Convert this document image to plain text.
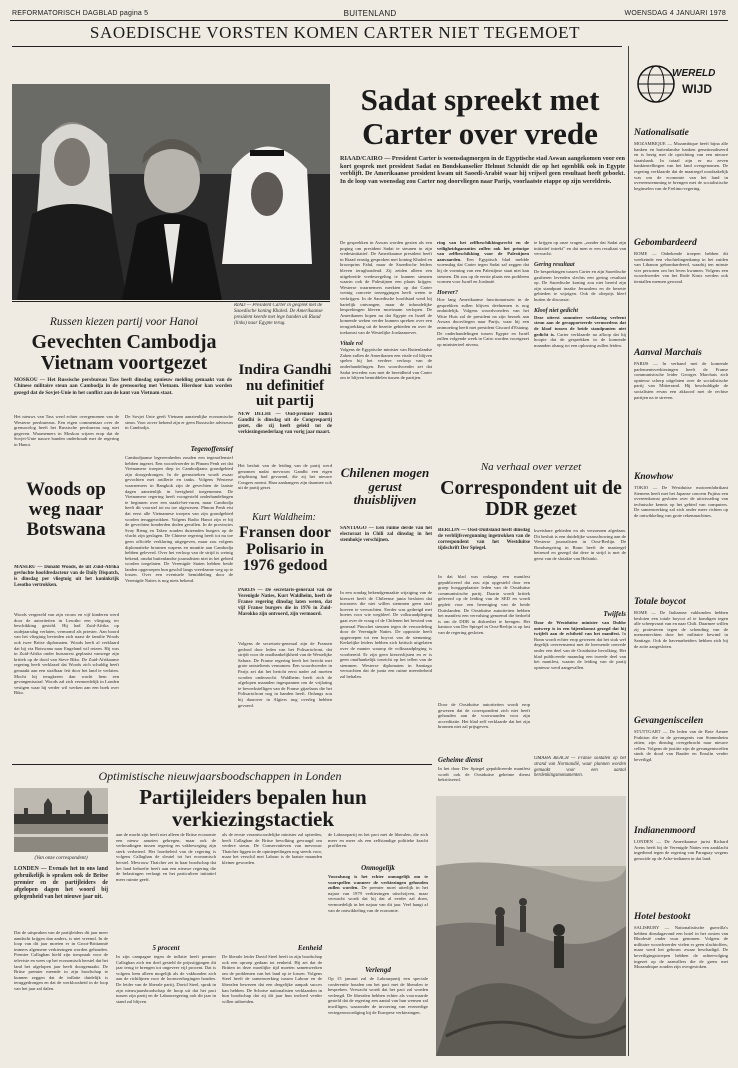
REFORMATORISCH DAGBLAD pagina 5	BUITENLAND	WOENSDAG 4 JANUARI 1978
SAOEDISCHE VORSTEN KOMEN CARTER NIET TEGEMOET
Sadat spreekt met
Carter over vrede
RIAAD/CAIRO — President Carter is woensdagmorgen in de Egyptische stad Aswan aangekomen voor een kort gesprek met president Sadat en Bondskanselier Helmut Schmidt die op het ogenblik ook in Egypte verblijft. De Amerikaanse president kwam uit Saoedi-Arabië waar hij vrijwel geen resultaat heeft geboekt. In de loop van woensdag zou Carter nog doorvliegen naar Parijs, voorlaatste etappe op zijn wereldreis.
De gesprekken in Aswan worden gezien als een poging om president Sadat te steunen in zijn vredesinitiatief. De Amerikaanse president heeft in Riaad ernstig gesproken met koning Khaled en kroonprins Fahd, maar de Saoedische leiders bleven terughoudend. Zij zeiden alleen een uitgebreide vredesregeling te kunnen steunen waarin ook de Palestijnen een plaats krijgen. Westerse waarnemers merkten op dat Carter weinig concrete toezeggingen heeft weten te verkrijgen. In de Saoedische hoofdstad werd hij hartelijk ontvangen, maar de inhoudelijke besprekingen bleven moeizaam verlopen. De Amerikanen hopen nu dat Egypte en Israël de komende weken verder kunnen spreken over een terugtrekking uit de bezette gebieden en over de toekomst van de Westelijke Jordaanoever.

Vitale rol
Volgens de Egyptische minister van Buitenlandse Zaken zullen de Amerikanen een vitale rol blijven spelen bij het verdere verloop van de onderhandelingen. Een woordvoerder zei dat Sadat tevreden was met de bereidheid van Carter om te blijven bemiddelen tussen de partijen.
ring van het zelfbeschikkingsrecht en de veiligheidsgaranties zullen ook het principe van zelfbeschikking voor de Palestijnen aanvaarden. Een Egyptisch blad meldde woensdag dat Carter tegen Sadat zal zeggen dat hij de vorming van een Palestijnse staat niet kan steunen. Dit zou op de eerste plaats een probleem vormen voor Israël en Jordanië.

Hoever?
Hoe lang Amerikaanse functionarissen in de gesprekken zullen blijven deelnemen is nog onduidelijk. Volgens woordvoerders van het Witte Huis zal de president na zijn bezoek aan Aswan doorvliegen naar Parijs, waar hij een ontmoeting heeft met president Giscard d'Estaing. De onderhandelingen tussen Egypte en Israël zullen volgende week in Caïro worden voortgezet op ministerieel niveau.
te krijgen op onze vragen „zonder dat Sadat zijn initiatief intrekt" en dat men er een resultaat van verwacht.

Gering resultaat
De besprekingen tussen Carter en zijn Saoedische gastheren leverden slechts een gering resultaat op. De Saoedische koning zou niet bereid zijn zijn standpunt inzake Jeruzalem en de bezette gebieden te wijzigen. Ook de olieprijs bleef buiten de discussie.

Kloof niet gedicht
Deze uiterst summiere verklaring verleent steun aan de gerapporteerde vermoedens dat de kloof tussen de beide standpunten niet gedicht is. Carter verklaarde na afloop dat hij hoopte dat de gesprekken in de komende maanden alsnog tot een oplossing zullen leiden.
RIAD — President Carter in gesprek met de Saoedische koning Khaled. De Amerikaanse president keerde met lege handen uit Riaad (links) naar Egypte terug.
WERELD
WIJD
Nationalisatie
MOZAMBIQUE — Mozambique heeft bijna alle banken en buitenlandse banken genationaliseerd en is bezig met de oprichting van een nieuwe staatsbank. In totaal zijn er nu zeven bankinstellingen van het land overgenomen. De regering verklaarde dat de maatregel noodzakelijk was om de economie van het land in overeenstemming te brengen met de socialistische beginselen van de Frelimo-regering.
Gebombardeerd
ROME — Onbekende troepen hebben dit weekeinde een vluchtelingenkamp in het zuiden van Libanon gebombardeerd, waarbij ten minste vier personen om het leven kwamen. Volgens een woordvoerder van het Rode Kruis werden ook tientallen mensen gewond.
Aanval Marchais
PARIJS — In verband met de komende parlementsverkiezingen heeft de Franse communistische leider Georges Marchais zich opnieuw scherp uitgelaten over de socialistische partij van Mitterrand. Hij beschuldigde de socialisten ervan een akkoord met de rechtse partijen na te streven.
Knowhow
TOKIO — De Westduitse motorenfabrikant Siemens heeft met het Japanse concern Fujitsu een overeenkomst gesloten over de uitwisseling van technische kennis op het gebied van computers. De samenwerking zal zich onder meer richten op de ontwikkeling van grote rekenmachines.
Totale boycot
ROME — De Italiaanse vakbonden hebben besloten een totale boycot af te kondigen tegen alle scheepvaart van en naar Chili. Daarmee willen zij protesteren tegen de schending van de mensenrechten door het militaire bewind in Santiago. Ook de havenarbeiders hebben zich bij de actie aangesloten.
Gevangenisceilen
STUTTGART — De leden van de Rote Armee Fraktion die in de gevangenis van Stammheim zitten, zijn dinsdag overgebracht naar nieuwe cellen. Volgens de justitie zijn de gevangenisceilen sinds de dood van Baader en Ensslin verder beveiligd.
Indianenmoord
LONDEN — De Amerikaanse jurist Richard Arens heeft bij de Verenigde Naties een aanklacht ingediend tegen de regering van Paraguay wegens genocide op de Ache-indianen in dat land.
Hotel bestookt
SALISBURY — Nationalistische guerrilla's hebben dinsdagavond een hotel in het oosten van Rhodesië onder vuur genomen. Volgens de militaire woordvoerder vielen er geen slachtoffers, maar werd het gebouw zwaar beschadigd. De beveiligingstroepen hebben de achtervolging ingezet op de aanvallers die de grens met Mozambique zouden zijn overgestoken.
Russen kiezen partij voor Hanoi
Gevechten Cambodja Vietnam voortgezet
MOSKOU — Het Russische persbureau Tass heeft dinsdag opnieuw melding gemaakt van de Chinese militaire steun aan Cambodja in de grensoorlog met Vietnam. Hierdoor kan worden gezegd dat de Sovjet-Unie in het conflict aan de kant van Vietnam staat.
Het nieuws van Tass werd echter overgenomen van de Westerse persbureaus. Een eigen commentaar over de grensoorlog heeft het Russische persbureau nog niet gegeven. Waarnemers in Moskou wijzen erop dat de Sovjet-Unie nauwe banden onderhoudt met de regering in Hanoi.
De Sovjet Unie geeft Vietnam aanzienlijke economische steun. Voor zover bekend zijn er geen Russische adviseurs in Cambodja.
Tegenoffensief
Cambodjaanse legereenheden zouden een tegenoffensief hebben ingezet. Een woordvoerder in Phnom Penh zei dat Vietnamese troepen diep in Cambodjaans grondgebied zijn doorgedrongen. In de grensstreken wordt zwaar gevochten met artillerie en tanks. Volgens Westerse waarnemers in Bangkok zijn de gevechten de laatste dagen aanzienlijk in hevigheid toegenomen. De Vietnamese regering heeft voorgesteld onderhandelingen te beginnen over een staakt-het-vuren, maar Cambodja heeft dit voorstel tot nu toe afgewezen. Phnom Penh eist dat eerst alle Vietnamese troepen van zijn grondgebied worden teruggetrokken. Volgens Radio Hanoi zijn er bij de gevechten honderden doden gevallen. In de provincies Svay Rieng en Takeo zouden duizenden burgers op de vlucht zijn geslagen. De Chinese regering heeft tot nu toe geen officiële verklaring uitgegeven, maar zou volgens diplomatieke bronnen wapens en munitie aan Cambodja hebben geleverd. Over het verloop van de strijd is weinig bekend, omdat buitenlandse journalisten niet in het gebied worden toegelaten. De Verenigde Staten hebben beide landen opgeroepen hun geschil langs vreedzame weg op te lossen. Over een eventuele bemiddeling door de Verenigde Naties is nog niets bekend.
Woods op weg naar Botswana
MASERU — Donald Woods, de uit Zuid-Afrika gevluchte hoofdredacteur van de Daily Dispatch, is dinsdag per vliegtuig uit het koninkrijk Lesotho vertrokken.
Woods vergezeld van zijn vrouw en vijf kinderen werd door de autoriteiten in Lesotho een vliegtuig ter beschikking gesteld. Hij had Zuid-Afrika op oudejaarsdag verlaten, vermomd als priester. Aan boord van het vliegtuig bevinden zich naast de familie Woods ook twee Britse diplomaten. Woods heeft al verklaard dat hij via Botswana naar Engeland wil reizen. Hij was in Zuid-Afrika onder huisarrest geplaatst vanwege zijn kritiek op de dood van Steve Biko. De Zuid-Afrikaanse regering heeft verklaard dat Woods zich schuldig heeft gemaakt aan een strafbaar feit door het land te verlaten. Mocht hij terugkeren dan wacht hem een gevangenisstraf. Woods zal zich vermoedelijk in Londen vestigen waar hij verder wil werken aan een boek over Biko.
Indira Gandhi nu definitief uit partij
NEW DELHI — Oud-premier Indira Gandhi is dinsdag uit de Congrespartij gezet, die zij heeft geleid tot de verkiezingsnederlaag van vorig jaar maart.
Het besluit van de leiding van de partij werd genomen nadat mevrouw Gandhi een eigen afsplitsing had gevormd, die zij het nieuwe Congres noemt. Haar aanhangers zijn daarmee ook uit de partij gezet.
Kurt Waldheim:
Fransen door Polisario in 1976 gedood
PARIJS — De secretaris-generaal van de Verenigde Naties, Kurt Waldheim, heeft de Franse regering dinsdag laten weten, dat vijf Franse burgers die in 1976 in Zuid-Marokko zijn ontvoerd, zijn vermoord.
Volgens de secretaris-generaal zijn de Fransen gedood door leden van het Polisariofront, dat strijdt voor de onafhankelijkheid van de Westelijke Sahara. De Franse regering heeft het bericht met grote ontsteltenis vernomen. Een woordvoerder in Parijs zei dat het bericht eerst nader zal moeten worden onderzocht. Waldheim heeft zich de afgelopen maanden ingespannen om de vrijlating te bewerkstelligen van de Franse gijzelaars die het Polisariofront nog in handen heeft. Onlangs zou hij daarover in Algiers nog overleg hebben gevoerd.
Chilenen mogen gerust thuisblijven
SANTIAGO — Een ruime derde van het electoraat in Chili zal dinsdag in het stemhokje verschijnen.
In een zondag bekendgemaakte wijziging van de kieswet heeft de Chileense junta besloten dat inwoners die niet willen stemmen geen straf hoeven te verwachten. Eerder was gedreigd met boetes voor wie wegbleef. De volksraadpleging gaat over de vraag of de Chilenen het bewind van generaal Pinochet steunen tegen de veroordeling door de Verenigde Naties. De oppositie heeft opgeroepen tot een boycot van de stemming. Kerkelijke leiders hebben zich kritisch uitgelaten over de manier waarop de volksraadpleging is voorbereid. Er zijn geen kiezerslijsten en er is geen onafhankelijk toezicht op het tellen van de stemmen. Westerse diplomaten in Santiago verwachten dat de junta een ruime meerderheid zal behalen.
Na verhaal over verzet
Correspondent uit de DDR gezet
BERLIJN — Oost-Duitsland heeft dinsdag de verblijfsvergunning ingetrokken van de correspondent van het Westduitse tijdschrift Der Spiegel.
In dat blad was onlangs een manifest gepubliceerd dat zou zijn opgesteld door een groep hooggeplaatste leden van de Oostduitse communistische partij. Daarin wordt kritiek geleverd op de leiding van de SED en wordt gepleit voor een hereniging van de beide Duitslanden. De Oostduitse autoriteiten hebben het manifest een vervalsing genoemd die bedoeld is om de DDR in diskrediet te brengen. Het kantoor van Der Spiegel in Oost-Berlijn is op last van de regering gesloten.
Door de Oostduitse autoriteiten wordt erop gewezen dat de correspondent zich niet heeft gehouden aan de voorwaarden voor zijn accreditatie. Het blad zelf verklaarde dat het zijn bronnen niet zal prijsgeven.
kwetsbare gebieden en als verzonnen afgedaan. Dit besluit is een duidelijke waarschuwing aan de Westerse journalisten in Oost-Berlijn. De Bondsregering in Bonn heeft de maatregel betreurd en gezegd dat deze in strijd is met de geest van de slotakte van Helsinki.
Twijfels
Door de Westduitse minister van Dubbe ontwerp is in een bijeenkomst gezegd dat hij twijfelt aan de echtheid van het manifest. In Bonn wordt echter erop gewezen dat het stuk wel degelijk overeenstemt met de heersende onvrede onder een deel van de Oostduitse bevolking. Het blad publiceerde maandag een tweede deel van het manifest, waarin de leiding van de partij opnieuw werd aangevallen.
Geheime dienst
In het door Der Spiegel gepubliceerde manifest wordt ook de Oostduitse geheime dienst bekritiseerd.
OMAHA BEACH — Franse soldaten op het strand van Normandië, waar plannen worden gemaakt voor een aantal herdenkingsmonumenten.
Optimistische nieuwjaarsboodschappen in Londen
Partijleiders bepalen hun verkiezingstactiek
(Van onze correspondent)
LONDEN — Evenals het in ons land gebruikelijk is spraken ook de Britse premier en de partijleiders de afgelopen dagen het woord bij gelegenheid van het nieuwe jaar uit.
Dat de uitspraken van de partijleiders dit jaar meer aandacht krijgen dan anders, is niet vreemd. In de loop van dit jaar moeten er in Groot-Brittannië immers algemene verkiezingen worden gehouden. Premier Callaghan hield zijn toespraak voor de televisie en wees op het economisch herstel dat het land het afgelopen jaar heeft doorgemaakt. De Britse premier meende in zijn boodschap te kunnen zeggen dat de inflatie duidelijk is teruggedrongen en dat de werkloosheid in de loop van het jaar zal dalen.
aan de macht zijn heeft niet alleen de Britse economie een nieuw aanzien gekregen, maar ook de verhoudingen tussen regering en vakbeweging zijn sterk verbeterd. Het loonbeleid van de regering is volgens Callaghan de sleutel tot het economisch herstel. Mevrouw Thatcher zei in haar boodschap dat het land behoefte heeft aan een nieuwe regering die de belastingen verlaagt en het particuliere initiatief meer ruimte geeft.
5 procent
In zijn campagne tegen de inflatie heeft premier Callaghan zich ten doel gesteld de prijsstijgingen dit jaar terug te brengen tot ongeveer vijf procent. Dat is volgens hem alleen mogelijk als de vakbonden zich aan de richtlijnen voor de loonsverhogingen houden. De leider van de liberale partij, David Steel, sprak in zijn nieuwjaarsboodschap de hoop uit dat het pact tussen zijn partij en de Labourregering ook dit jaar in stand zal blijven.
als de eerste verantwoordelijke minister zal optreden, heeft Callaghan de Britse bevolking gevraagd om verdere steun. De Conservatieven van mevrouw Thatcher liggen in de opiniepeilingen nog steeds voor, maar het verschil met Labour is de laatste maanden kleiner geworden.
Eenheid
De liberale leider David Steel heeft in zijn boodschap ook een oproep gedaan tot eenheid. Hij zei dat de Britten in deze moeilijke tijd moeten samenwerken om de problemen van het land op te lossen. Volgens Steel heeft de samenwerking tussen Labour en de liberalen bewezen dat een dergelijke aanpak succes kan hebben. De Schotse nationalisten verklaarden in hun boodschap dat zij dit jaar hun invloed verder willen uitbreiden.
de Labourpartij en het pact met de liberalen, die zich meer en meer als een zelfstandige politieke kracht profileren.
Onmogelijk
Vooralsnog is het echter onmogelijk om te voorspellen wanneer de verkiezingen gehouden zullen worden. De premier moet uiterlijk in het najaar van 1979 verkiezingen uitschrijven, maar verwacht wordt dat hij dat al eerder zal doen, vermoedelijk in het najaar van dit jaar. Veel hangt af van de ontwikkeling van de economie.
Verlengd
Op 15 januari zal de Labourpartij een speciale conferentie houden om het pact met de liberalen te bespreken. Verwacht wordt dat het pact zal worden verlengd. De liberalen hebben echter als voorwaarde gesteld dat de regering een aantal van hun wensen zal inwilligen, waaronder de invoering van evenredige vertegenwoordiging bij de Europese verkiezingen.
